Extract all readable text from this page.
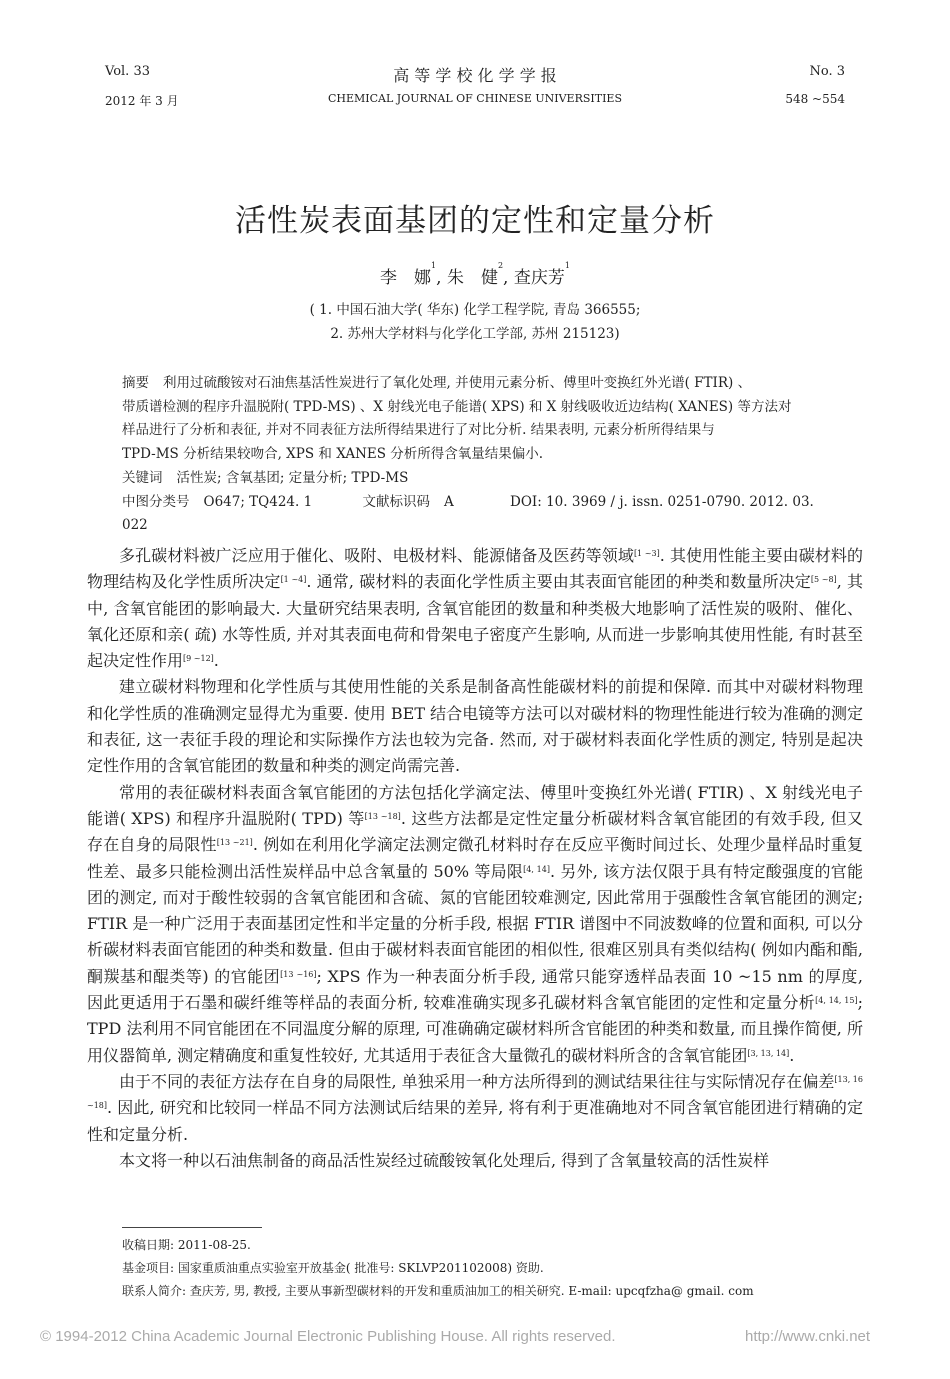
Vol. 33
2012 年 3 月
高 等 学 校 化 学 学 报
CHEMICAL JOURNAL OF CHINESE UNIVERSITIES
No. 3
548 ~554
活性炭表面基团的定性和定量分析
李　娜$^1$, 朱　健$^2$, 查庆芳$^1$
( 1. 中国石油大学( 华东) 化学工程学院, 青岛 366555;
2. 苏州大学材料与化学化工学部, 苏州 215123)
摘要 利用过硫酸铵对石油焦基活性炭进行了氧化处理, 并使用元素分析、傅里叶变换红外光谱( FTIR) 、
带质谱检测的程序升温脱附( TPD-MS) 、X 射线光电子能谱( XPS) 和 X 射线吸收近边结构( XANES) 等方法对
样品进行了分析和表征, 并对不同表征方法所得结果进行了对比分析. 结果表明, 元素分析所得结果与
TPD-MS 分析结果较吻合, XPS 和 XANES 分析所得含氧量结果偏小.
关键词 活性炭; 含氧基团; 定量分析; TPD-MS
中图分类号 O647; TQ424. 1	文献标识码 A	DOI: 10. 3969 / j. issn. 0251-0790. 2012. 03. 022

多孔碳材料被广泛应用于催化、吸附、电极材料、能源储备及医药等领域[1 ~3]. 其使用性能主要由碳材料的物理结构及化学性质所决定[1 ~4]. 通常, 碳材料的表面化学性质主要由其表面官能团的种类和数量所决定[5 ~8], 其中, 含氧官能团的影响最大. 大量研究结果表明, 含氧官能团的数量和种类极大地影响了活性炭的吸附、催化、氧化还原和亲( 疏) 水等性质, 并对其表面电荷和骨架电子密度产生影响, 从而进一步影响其使用性能, 有时甚至起决定性作用[9 ~12].

建立碳材料物理和化学性质与其使用性能的关系是制备高性能碳材料的前提和保障. 而其中对碳材料物理和化学性质的准确测定显得尤为重要. 使用 BET 结合电镜等方法可以对碳材料的物理性能进行较为准确的测定和表征, 这一表征手段的理论和实际操作方法也较为完备. 然而, 对于碳材料表面化学性质的测定, 特别是起决定性作用的含氧官能团的数量和种类的测定尚需完善.

常用的表征碳材料表面含氧官能团的方法包括化学滴定法、傅里叶变换红外光谱( FTIR) 、X 射线光电子能谱( XPS) 和程序升温脱附( TPD) 等[13 ~18]. 这些方法都是定性定量分析碳材料含氧官能团的有效手段, 但又存在自身的局限性[13 ~21]. 例如在利用化学滴定法测定微孔材料时存在反应平衡时间过长、处理少量样品时重复性差、最多只能检测出活性炭样品中总含氧量的 50% 等局限[4, 14]. 另外, 该方法仅限于具有特定酸强度的官能团的测定, 而对于酸性较弱的含氧官能团和含硫、氮的官能团较难测定, 因此常用于强酸性含氧官能团的测定; FTIR 是一种广泛用于表面基团定性和半定量的分析手段, 根据 FTIR 谱图中不同波数峰的位置和面积, 可以分析碳材料表面官能团的种类和数量. 但由于碳材料表面官能团的相似性, 很难区别具有类似结构( 例如内酯和酯, 酮羰基和醌类等) 的官能团[13 ~16]; XPS 作为一种表面分析手段, 通常只能穿透样品表面 10 ~15 nm 的厚度, 因此更适用于石墨和碳纤维等样品的表面分析, 较难准确实现多孔碳材料含氧官能团的定性和定量分析[4, 14, 15]; TPD 法利用不同官能团在不同温度分解的原理, 可准确确定碳材料所含官能团的种类和数量, 而且操作简便, 所用仪器简单, 测定精确度和重复性较好, 尤其适用于表征含大量微孔的碳材料所含的含氧官能团[3, 13, 14].

由于不同的表征方法存在自身的局限性, 单独采用一种方法所得到的测试结果往往与实际情况存在偏差[13, 16 ~18]. 因此, 研究和比较同一样品不同方法测试后结果的差异, 将有利于更准确地对不同含氧官能团进行精确的定性和定量分析.

本文将一种以石油焦制备的商品活性炭经过硫酸铵氧化处理后, 得到了含氧量较高的活性炭样

收稿日期: 2011-08-25.
基金项目: 国家重质油重点实验室开放基金( 批准号: SKLVP201102008) 资助.
联系人简介: 查庆芳, 男, 教授, 主要从事新型碳材料的开发和重质油加工的相关研究. E-mail: upcqfzha@ gmail. com
© 1994-2012 China Academic Journal Electronic Publishing House. All rights reserved.	http://www.cnki.net
